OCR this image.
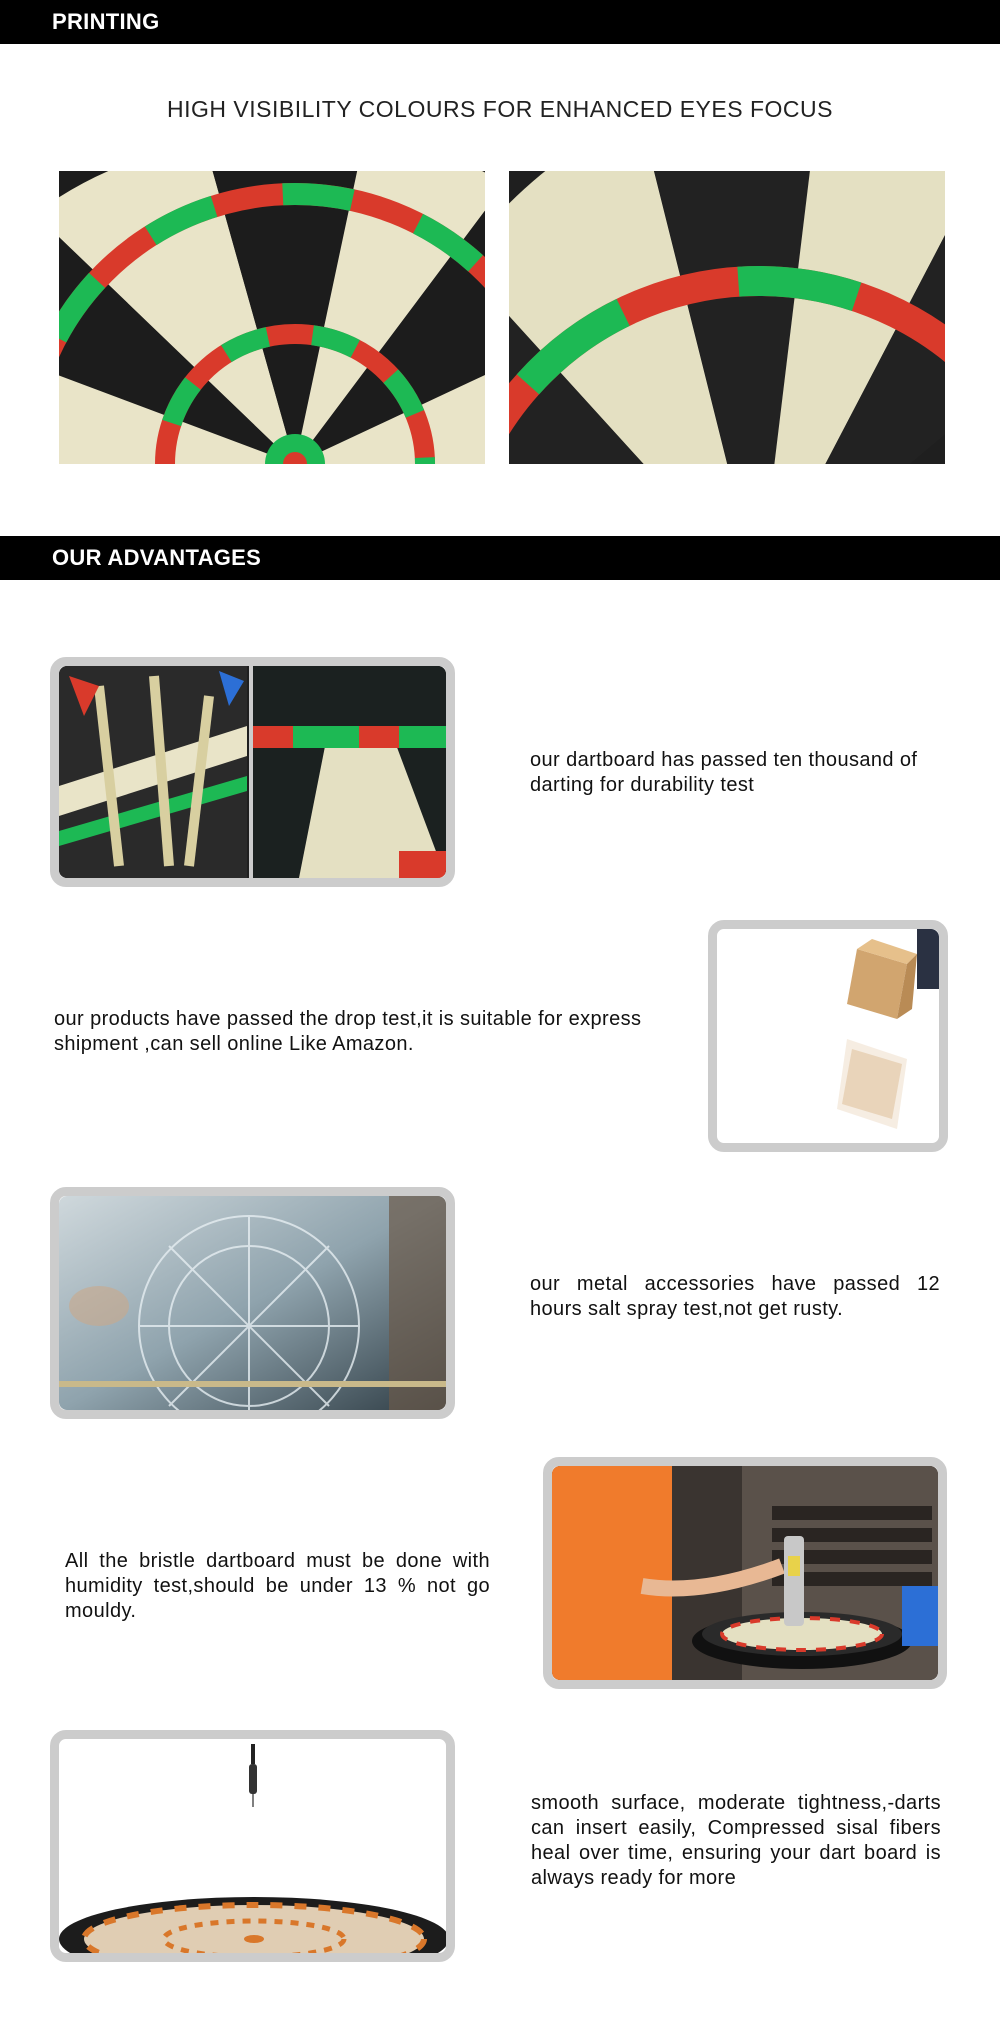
PRINTING
HIGH VISIBILITY COLOURS FOR ENHANCED EYES FOCUS
OUR ADVANTAGES
our dartboard has passed ten thousand of darting for durability test
our products have passed the drop test,it is suitable for express shipment ,can sell online Like Amazon.
our metal accessories have passed 12 hours salt spray test,not get rusty.
All the bristle dartboard must be done with humidity test,should be under 13 % not go mouldy.
smooth surface, moderate tightness,-darts can insert easily, Compressed sisal fibers heal over time, ensuring your dart board is always ready for more
